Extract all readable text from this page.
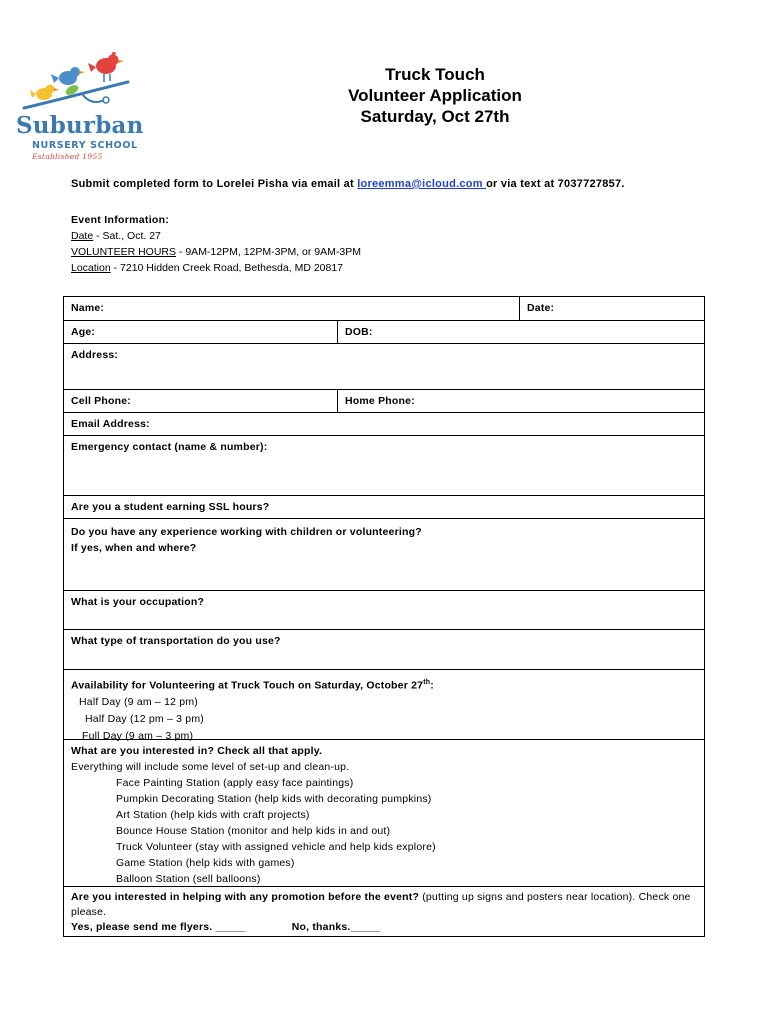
Suburban
NURSERY SCHOOL
Established 1955
Truck Touch
Volunteer Application
Saturday, Oct 27th
Submit completed form to Lorelei Pisha via email at loreemma@icloud.com or via text at 7037727857.
Event Information:
Date - Sat., Oct. 27
VOLUNTEER HOURS - 9AM-12PM, 12PM-3PM, or 9AM-3PM
Location - 7210 Hidden Creek Road, Bethesda, MD 20817
Name:	Date:
Age:	DOB:
Address:
Cell Phone:	Home Phone:
Email Address:
Emergency contact (name & number):
Are you a student earning SSL hours?
Do you have any experience working with children or volunteering?
If yes, when and where?
What is your occupation?
What type of transportation do you use?
Availability for Volunteering at Truck Touch on Saturday, October 27th:
Half Day (9 am – 12 pm)
Half Day (12 pm – 3 pm)
Full Day (9 am – 3 pm)
What are you interested in? Check all that apply.
Everything will include some level of set-up and clean-up.
Face Painting Station (apply easy face paintings)
Pumpkin Decorating Station (help kids with decorating pumpkins)
Art Station (help kids with craft projects)
Bounce House Station (monitor and help kids in and out)
Truck Volunteer (stay with assigned vehicle and help kids explore)
Game Station (help kids with games)
Balloon Station (sell balloons)
Are you interested in helping with any promotion before the event? (putting up signs and posters near location). Check one please.
Yes, please send me flyers. _____	No, thanks._____
